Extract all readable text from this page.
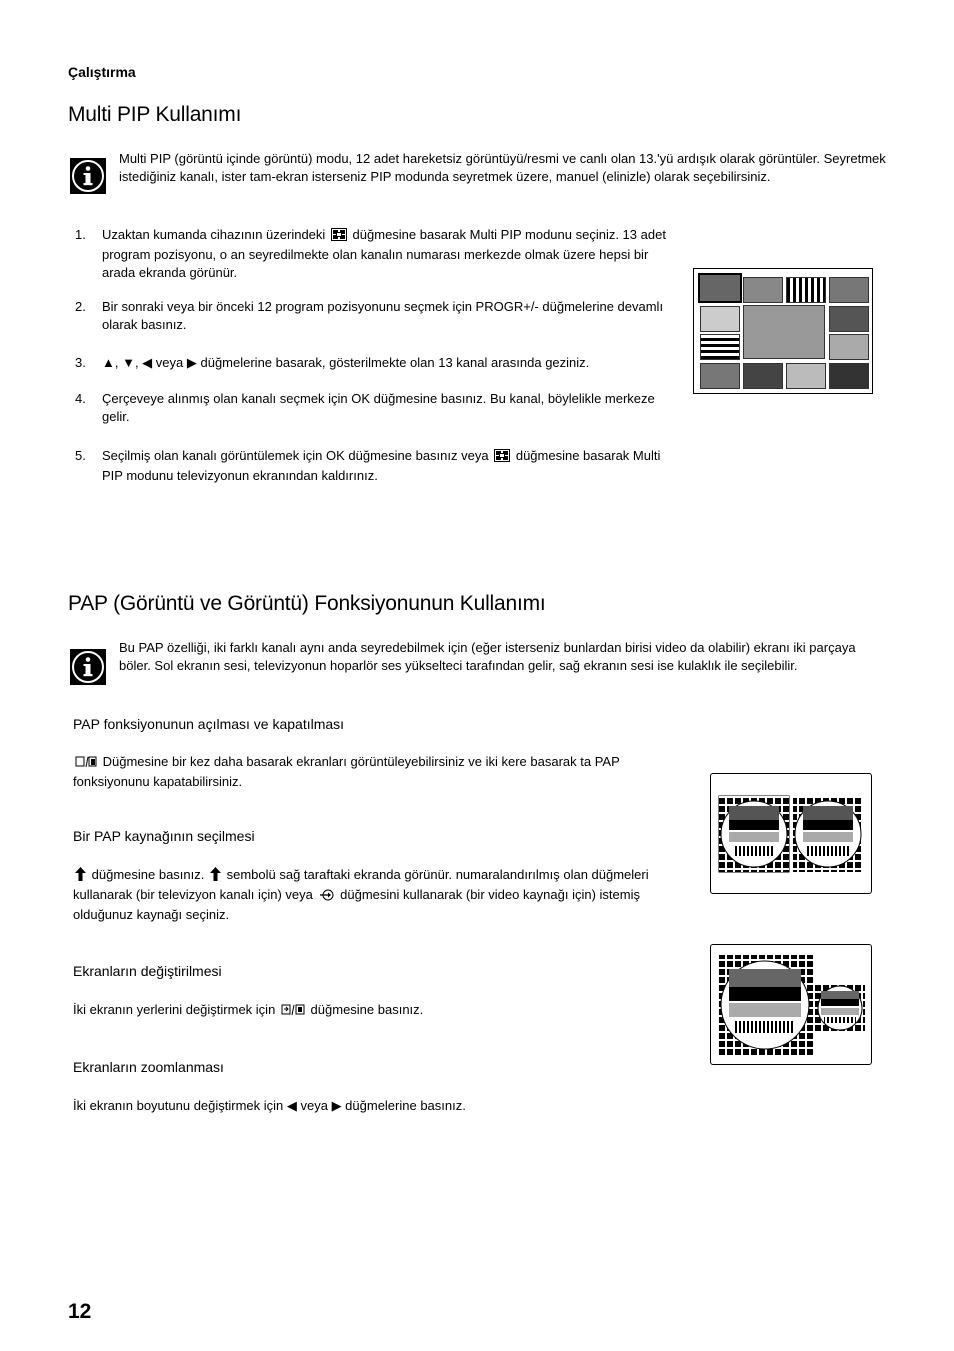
Çalıştırma
Multi PIP Kullanımı
Multi PIP (görüntü içinde görüntü) modu, 12 adet hareketsiz görüntüyü/resmi ve canlı olan 13.'yü ardışık olarak görüntüler. Seyretmek istediğiniz kanalı, ister tam-ekran isterseniz PIP modunda seyretmek üzere, manuel (elinizle) olarak seçebilirsiniz.
1. Uzaktan kumanda cihazının üzerindeki düğmesine basarak Multi PIP modunu seçiniz. 13 adet program pozisyonu, o an seyredilmekte olan kanalın numarası merkezde olmak üzere hepsi bir arada ekranda görünür.
2. Bir sonraki veya bir önceki 12 program pozisyonunu seçmek için PROGR+/- düğmelerine devamlı olarak basınız.
3. ▲, ▼, ◀ veya ▶ düğmelerine basarak, gösterilmekte olan 13 kanal arasında geziniz.
4. Çerçeveye alınmış olan kanalı seçmek için OK düğmesine basınız. Bu kanal, böylelikle merkeze gelir.
5. Seçilmiş olan kanalı görüntülemek için OK düğmesine basınız veya düğmesine basarak Multi PIP modunu televizyonun ekranından kaldırınız.
PAP (Görüntü ve Görüntü) Fonksiyonunun Kullanımı
Bu PAP özelliği, iki farklı kanalı aynı anda seyredebilmek için (eğer isterseniz bunlardan birisi video da olabilir) ekranı iki parçaya böler. Sol ekranın sesi, televizyonun hoparlör ses yükselteci tarafından gelir, sağ ekranın sesi ise kulaklık ile seçilebilir.
PAP fonksiyonunun açılması ve kapatılması
Düğmesine bir kez daha basarak ekranları görüntüleyebilirsiniz ve iki kere basarak ta PAP fonksiyonunu kapatabilirsiniz.
Bir PAP kaynağının seçilmesi
düğmesine basınız. sembolü sağ taraftaki ekranda görünür. numaralandırılmış olan düğmeleri kullanarak (bir televizyon kanalı için) veya düğmesini kullanarak (bir video kaynağı için) istemiş olduğunuz kaynağı seçiniz.
Ekranların değiştirilmesi
İki ekranın yerlerini değiştirmek için	düğmesine basınız.
Ekranların zoomlanması
İki ekranın boyutunu değiştirmek için ◀ veya ▶ düğmelerine basınız.
12
